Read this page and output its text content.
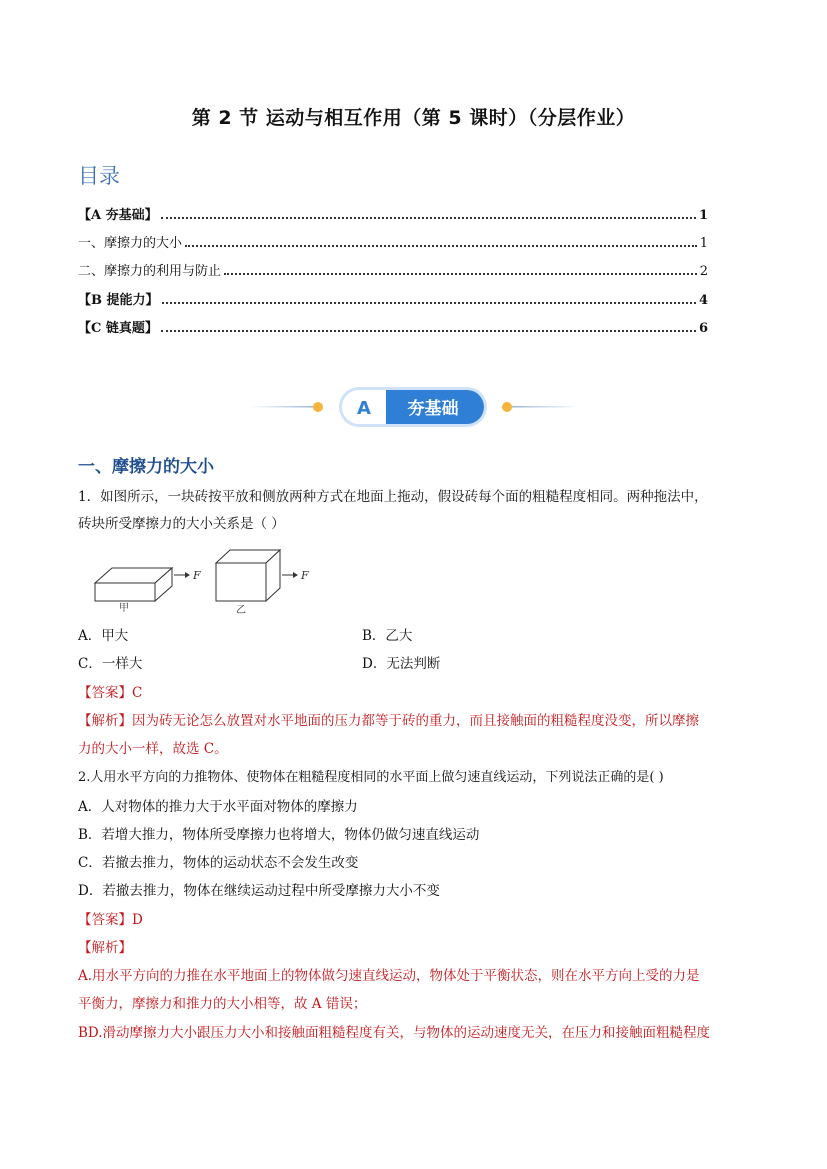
第 2 节 运动与相互作用（第 5 课时）（分层作业）
目录
【A 夯基础】	1
一、摩擦力的大小	1
二、摩擦力的利用与防止	2
【B 提能力】	4
【C 链真题】	6
A 夯基础
一、摩擦力的大小
1．如图所示，一块砖按平放和侧放两种方式在地面上拖动，假设砖每个面的粗糙程度相同。两种拖法中，
砖块所受摩擦力的大小关系是（ ）
F	F
甲	乙
A．甲大	B．乙大
C．一样大	D．无法判断
【答案】C
【解析】因为砖无论怎么放置对水平地面的压力都等于砖的重力，而且接触面的粗糙程度没变，所以摩擦
力的大小一样，故选 C。
2.人用水平方向的力推物体、使物体在粗糙程度相同的水平面上做匀速直线运动，下列说法正确的是( )
A．人对物体的推力大于水平面对物体的摩擦力
B．若增大推力，物体所受摩擦力也将增大，物体仍做匀速直线运动
C．若撤去推力，物体的运动状态不会发生改变
D．若撤去推力，物体在继续运动过程中所受摩擦力大小不变
【答案】D
【解析】
A.用水平方向的力推在水平地面上的物体做匀速直线运动，物体处于平衡状态，则在水平方向上受的力是
平衡力，摩擦力和推力的大小相等，故 A 错误；
BD.滑动摩擦力大小跟压力大小和接触面粗糙程度有关，与物体的运动速度无关，在压力和接触面粗糙程度
